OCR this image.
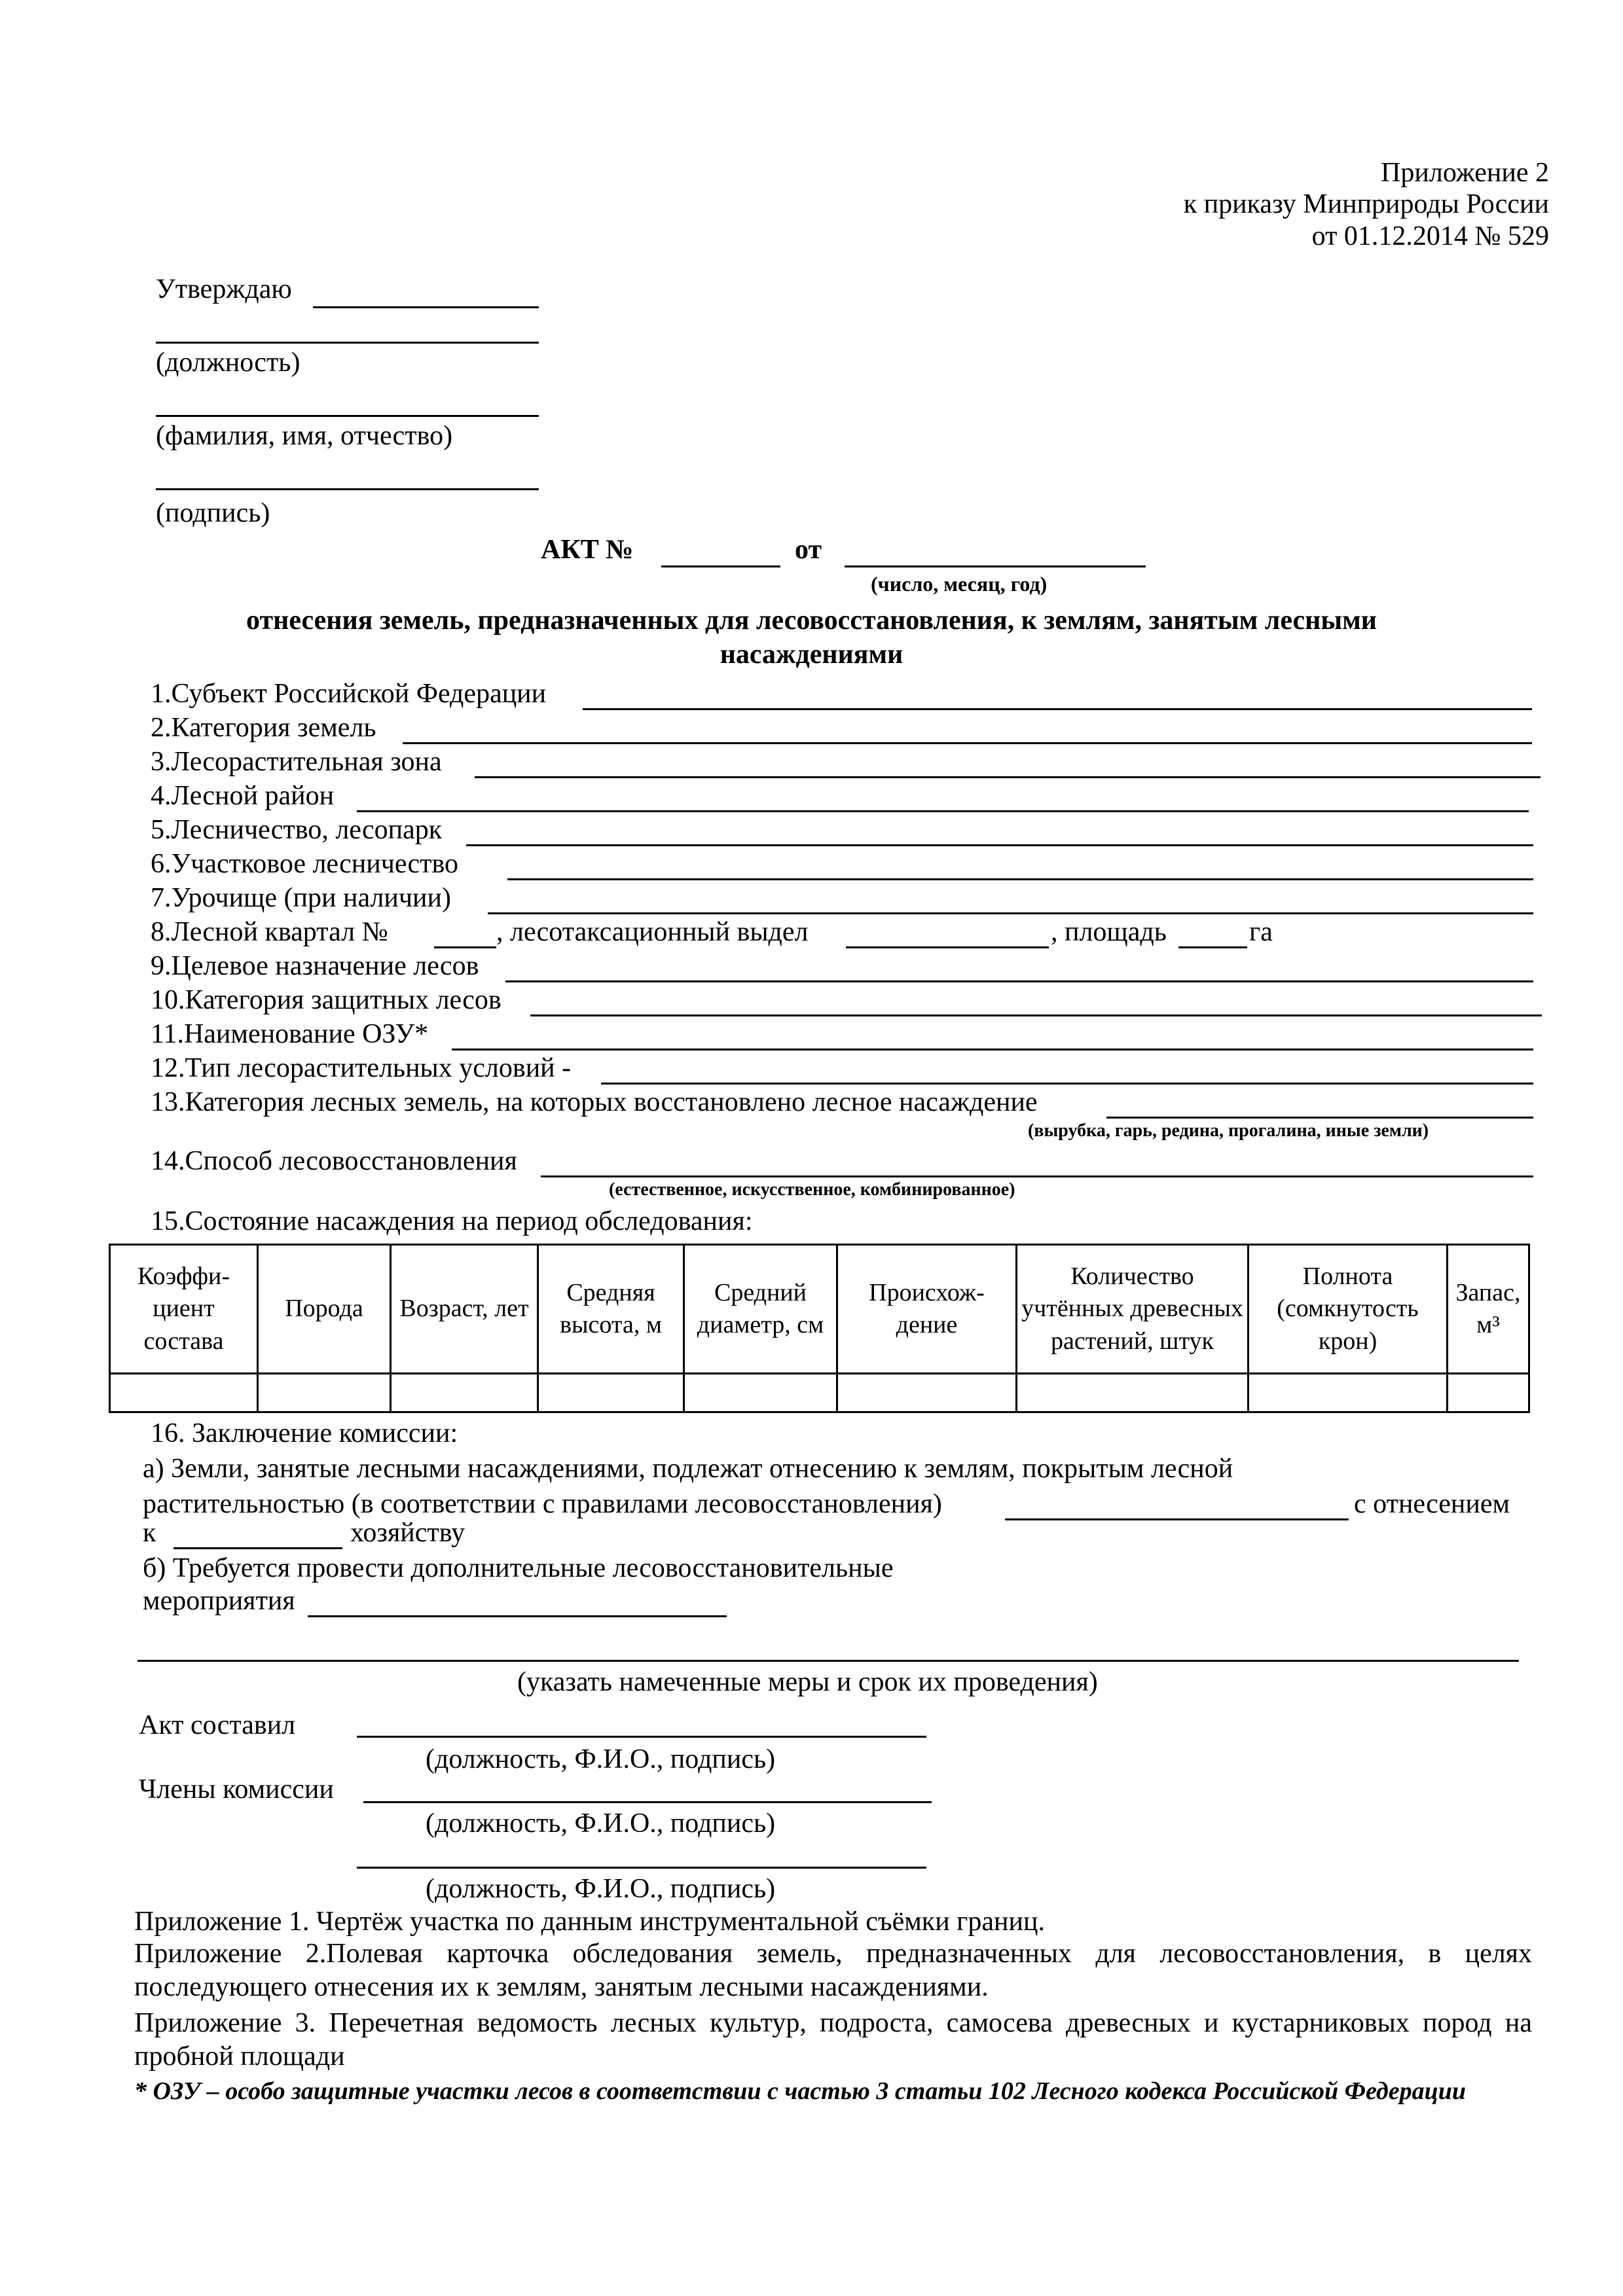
Приложение 2
к приказу Минприроды России
от 01.12.2014 № 529
Утверждаю
(должность)
(фамилия, имя, отчество)
(подпись)
АКТ №	от
(число, месяц, год)
отнесения земель, предназначенных для лесовосстановления, к землям, занятым лесными
насаждениями
1.Субъект Российской Федерации
2.Категория земель
3.Лесорастительная зона
4.Лесной район
5.Лесничество, лесопарк
6.Участковое лесничество
7.Урочище (при наличии)
8.Лесной квартал №	, лесотаксационный выдел	, площадь	га
9.Целевое назначение лесов
10.Категория защитных лесов
11.Наименование ОЗУ*
12.Тип лесорастительных условий -
13.Категория лесных земель, на которых восстановлено лесное насаждение
(вырубка, гарь, редина, прогалина, иные земли)
14.Способ лесовосстановления
(естественное, искусственное, комбинированное)
15.Состояние насаждения на период обследования:
Коэффи-циент состава	Порода	Возраст, лет	Средняя высота, м	Средний диаметр, см	Происхож-дение	Количество учтённых древесных растений, штук	Полнота (сомкнутость крон)	Запас, м³

16. Заключение комиссии:
а) Земли, занятые лесными насаждениями, подлежат отнесению к землям, покрытым лесной
растительностью (в соответствии с правилами лесовосстановления)	с отнесением
к	хозяйству
б) Требуется провести дополнительные лесовосстановительные
мероприятия
(указать намеченные меры и срок их проведения)
Акт составил
(должность, Ф.И.О., подпись)
Члены комиссии
(должность, Ф.И.О., подпись)
(должность, Ф.И.О., подпись)
Приложение 1. Чертёж участка по данным инструментальной съёмки границ.
Приложение 2.Полевая карточка обследования земель, предназначенных для лесовосстановления, в целях последующего отнесения их к землям, занятым лесными насаждениями.
Приложение 3. Перечетная ведомость лесных культур, подроста, самосева древесных и кустарниковых пород на пробной площади
* ОЗУ – особо защитные участки лесов в соответствии с частью 3 статьи 102 Лесного кодекса Российской Федерации
